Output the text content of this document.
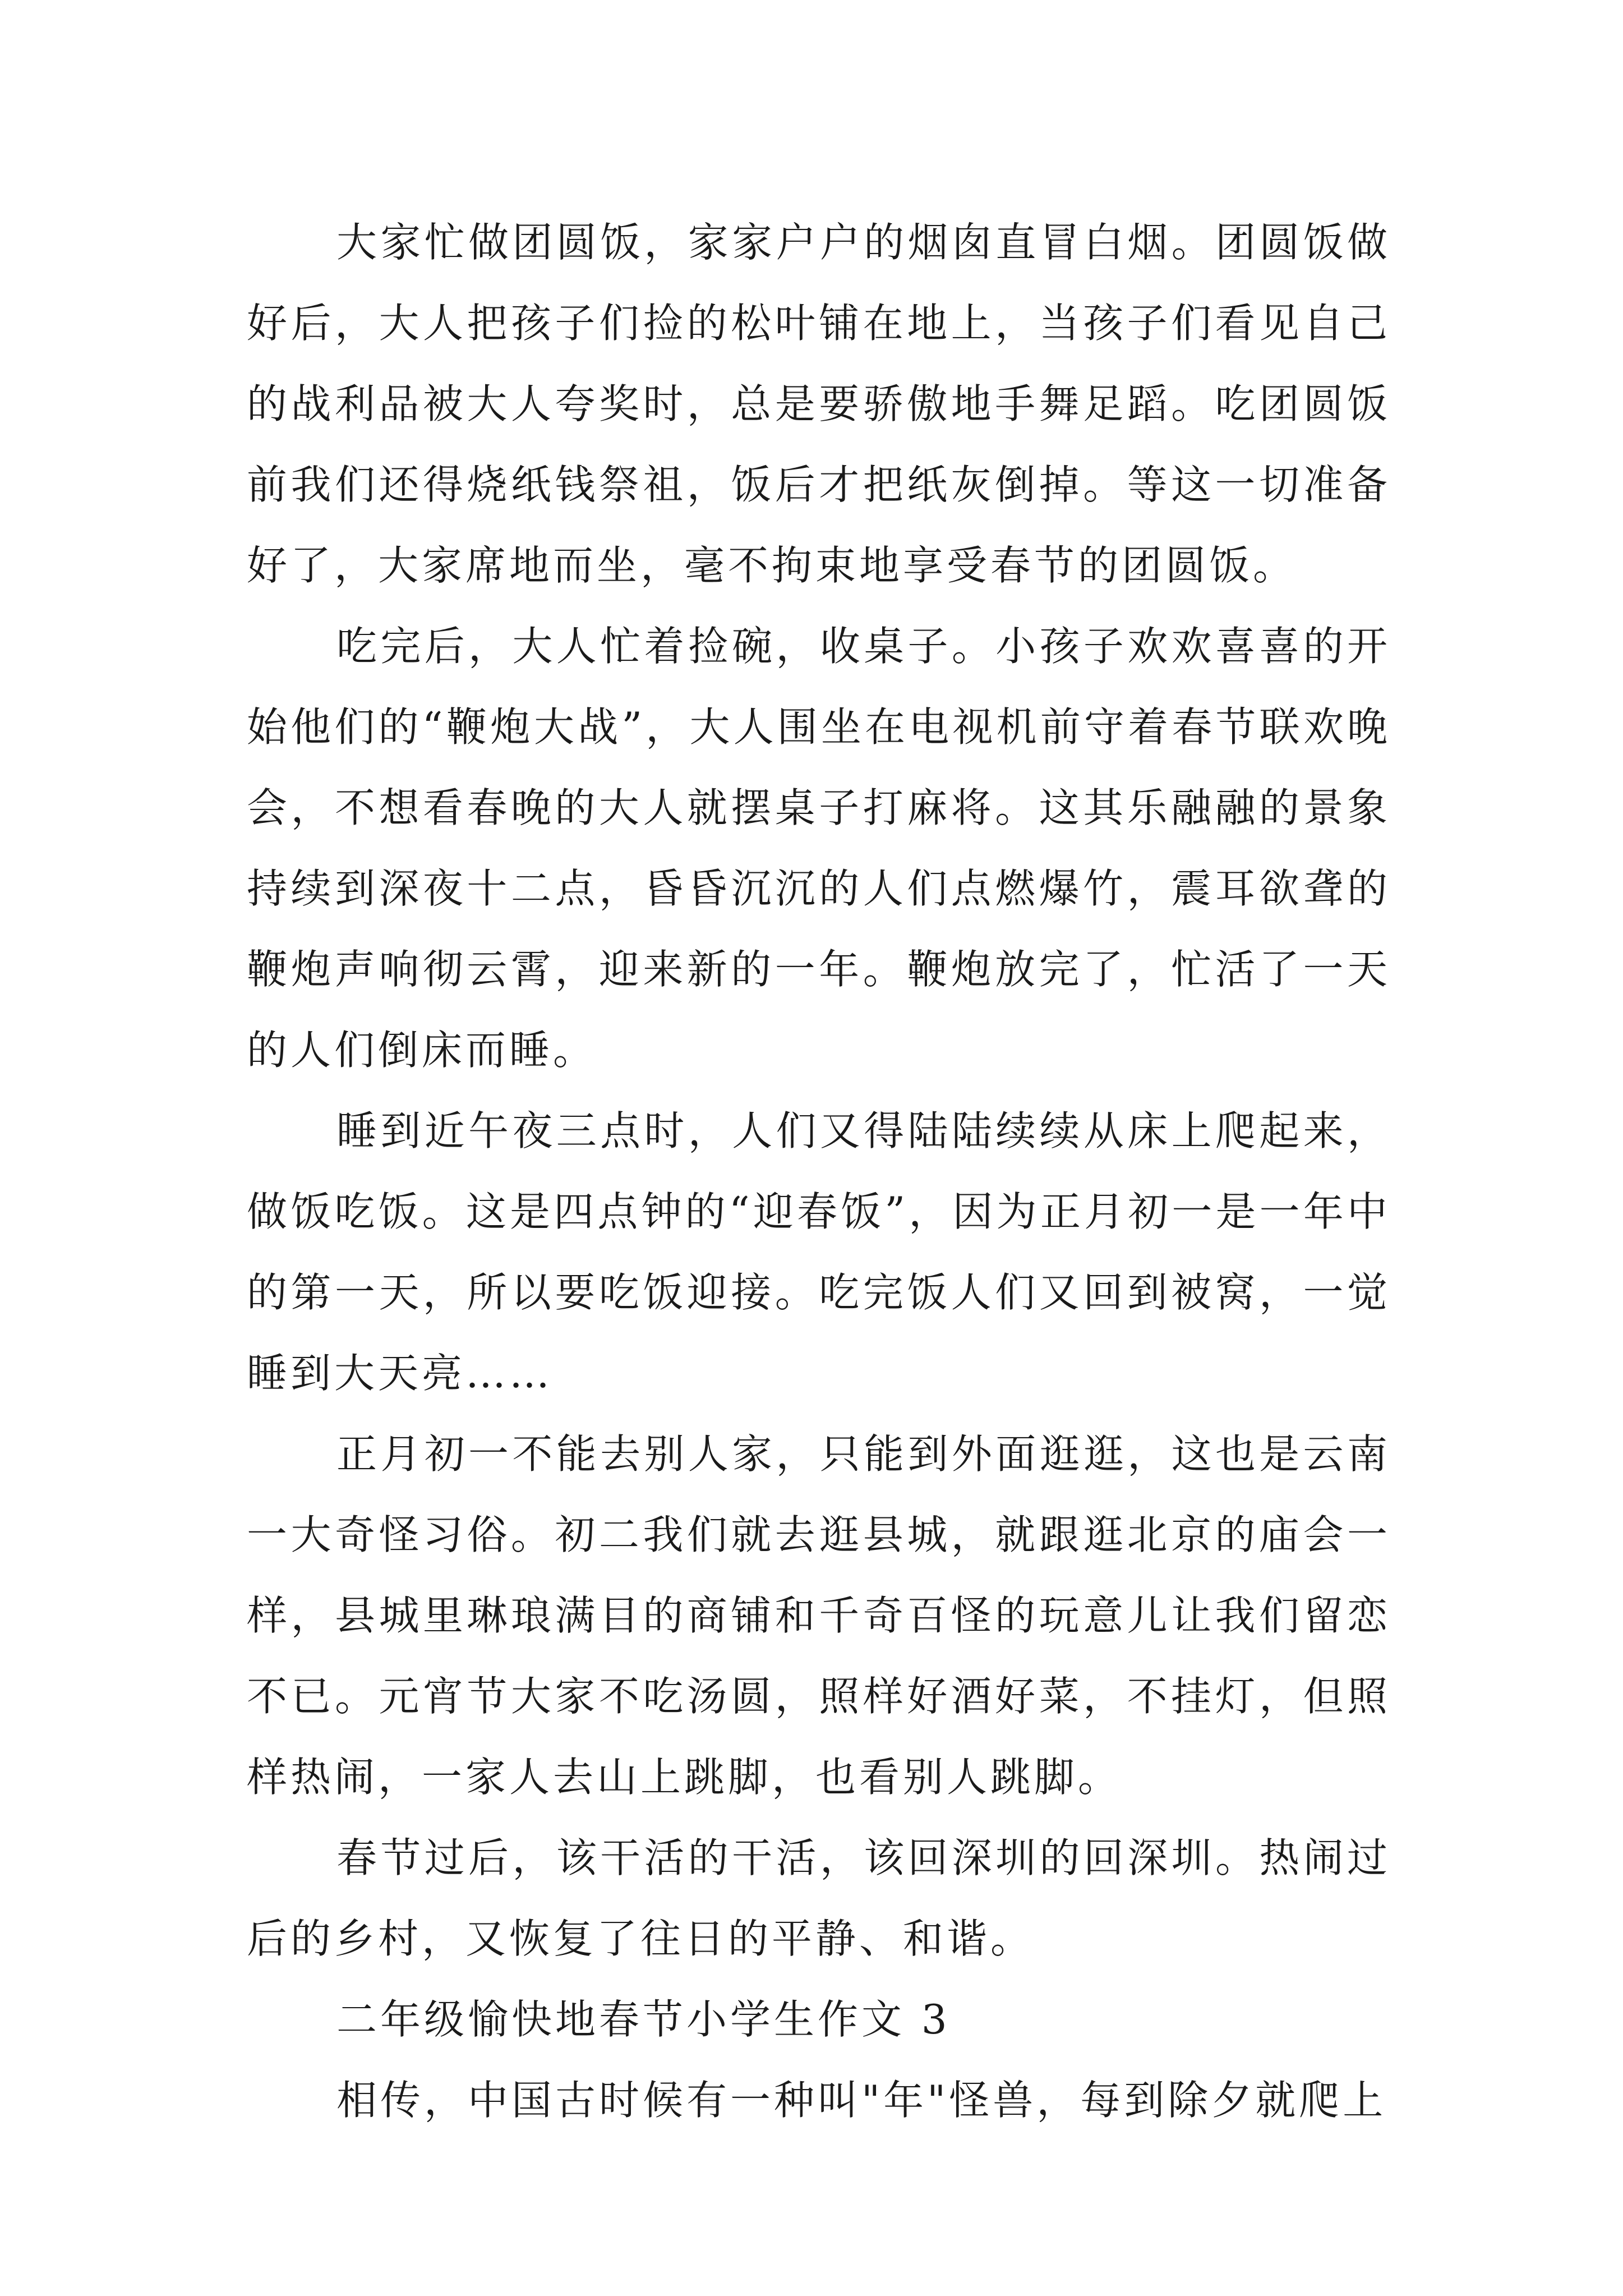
大家忙做团圆饭，家家户户的烟囱直冒白烟。团圆饭做好后，大人把孩子们捡的松叶铺在地上，当孩子们看见自己的战利品被大人夸奖时，总是要骄傲地手舞足蹈。吃团圆饭前我们还得烧纸钱祭祖，饭后才把纸灰倒掉。等这一切准备好了，大家席地而坐，毫不拘束地享受春节的团圆饭。

吃完后，大人忙着捡碗，收桌子。小孩子欢欢喜喜的开始他们的“鞭炮大战”，大人围坐在电视机前守着春节联欢晚会，不想看春晚的大人就摆桌子打麻将。这其乐融融的景象持续到深夜十二点，昏昏沉沉的人们点燃爆竹，震耳欲聋的鞭炮声响彻云霄，迎来新的一年。鞭炮放完了，忙活了一天的人们倒床而睡。

睡到近午夜三点时，人们又得陆陆续续从床上爬起来，做饭吃饭。这是四点钟的“迎春饭”，因为正月初一是一年中的第一天，所以要吃饭迎接。吃完饭人们又回到被窝，一觉睡到大天亮……

正月初一不能去别人家，只能到外面逛逛，这也是云南一大奇怪习俗。初二我们就去逛县城，就跟逛北京的庙会一样，县城里琳琅满目的商铺和千奇百怪的玩意儿让我们留恋不已。元宵节大家不吃汤圆，照样好酒好菜，不挂灯，但照样热闹，一家人去山上跳脚，也看别人跳脚。

春节过后，该干活的干活，该回深圳的回深圳。热闹过后的乡村，又恢复了往日的平静、和谐。

二年级愉快地春节小学生作文 3

相传，中国古时候有一种叫"年"怪兽，每到除夕就爬上
